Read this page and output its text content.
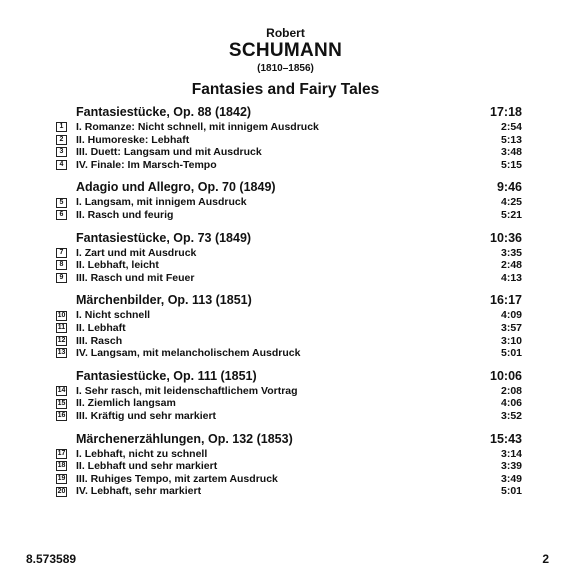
Robert
SCHUMANN
(1810–1856)
Fantasies and Fairy Tales
Fantasiestücke, Op. 88 (1842)	17:18
1	I. Romanze: Nicht schnell, mit innigem Ausdruck	2:54
2	II. Humoreske: Lebhaft	5:13
3	III. Duett: Langsam und mit Ausdruck	3:48
4	IV. Finale: Im Marsch-Tempo	5:15
Adagio und Allegro, Op. 70 (1849)	9:46
5	I. Langsam, mit innigem Ausdruck	4:25
6	II. Rasch und feurig	5:21
Fantasiestücke, Op. 73 (1849)	10:36
7	I. Zart und mit Ausdruck	3:35
8	II. Lebhaft, leicht	2:48
9	III. Rasch und mit Feuer	4:13
Märchenbilder, Op. 113 (1851)	16:17
10 I. Nicht schnell	4:09
11 II. Lebhaft	3:57
12 III. Rasch	3:10
13 IV. Langsam, mit melancholischem Ausdruck	5:01
Fantasiestücke, Op. 111 (1851)	10:06
14 I. Sehr rasch, mit leidenschaftlichem Vortrag	2:08
15 II. Ziemlich langsam	4:06
16 III. Kräftig und sehr markiert	3:52
Märchenerzählungen, Op. 132 (1853)	15:43
17 I. Lebhaft, nicht zu schnell	3:14
18 II. Lebhaft und sehr markiert	3:39
19 III. Ruhiges Tempo, mit zartem Ausdruck	3:49
20 IV. Lebhaft, sehr markiert	5:01
8.573589	2
